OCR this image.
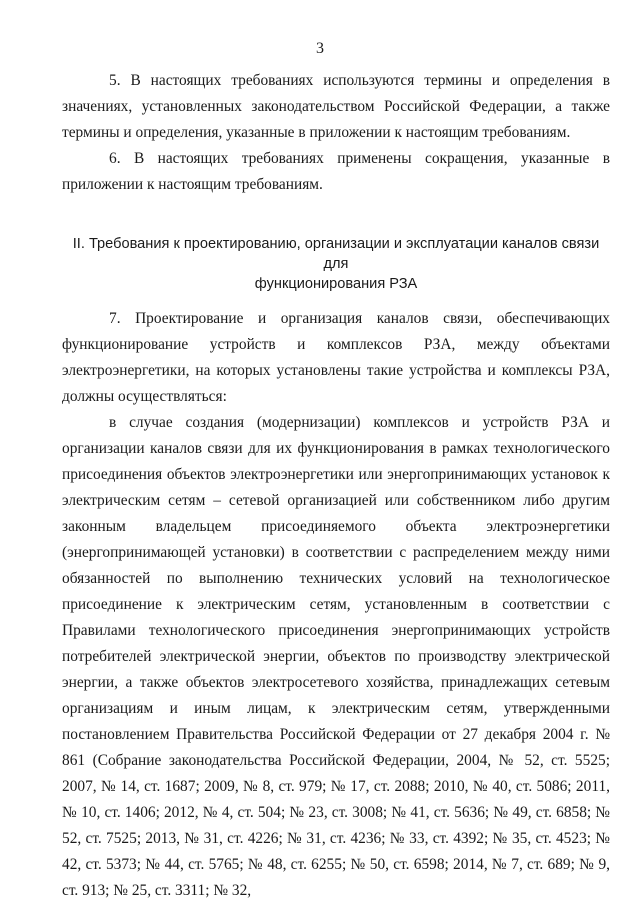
3

5. В настоящих требованиях используются термины и определения в значениях, установленных законодательством Российской Федерации, а также термины и определения, указанные в приложении к настоящим требованиям.

6. В настоящих требованиях применены сокращения, указанные в приложении к настоящим требованиям.

II. Требования к проектированию, организации и эксплуатации каналов связи для
функционирования РЗА

7. Проектирование и организация каналов связи, обеспечивающих функционирование устройств и комплексов РЗА, между объектами электроэнергетики, на которых установлены такие устройства и комплексы РЗА, должны осуществляться:

в случае создания (модернизации) комплексов и устройств РЗА и организации каналов связи для их функционирования в рамках технологического присоединения объектов электроэнергетики или энергопринимающих установок к электрическим сетям – сетевой организацией или собственником либо другим законным владельцем присоединяемого объекта электроэнергетики (энергопринимающей установки) в соответствии с распределением между ними обязанностей по выполнению технических условий на технологическое присоединение к электрическим сетям, установленным в соответствии с Правилами технологического присоединения энергопринимающих устройств потребителей электрической энергии, объектов по производству электрической энергии, а также объектов электросетевого хозяйства, принадлежащих сетевым организациям и иным лицам, к электрическим сетям, утвержденными постановлением Правительства Российской Федерации от 27 декабря 2004 г. № 861 (Собрание законодательства Российской Федерации, 2004, № 52, ст. 5525; 2007, № 14, ст. 1687; 2009, № 8, ст. 979; № 17, ст. 2088; 2010, № 40, ст. 5086; 2011, № 10, ст. 1406; 2012, № 4, ст. 504; № 23, ст. 3008; № 41, ст. 5636; № 49, ст. 6858; № 52, ст. 7525; 2013, № 31, ст. 4226; № 31, ст. 4236; № 33, ст. 4392; № 35, ст. 4523; № 42, ст. 5373; № 44, ст. 5765; № 48, ст. 6255; № 50, ст. 6598; 2014, № 7, ст. 689; № 9, ст. 913; № 25, ст. 3311; № 32,
